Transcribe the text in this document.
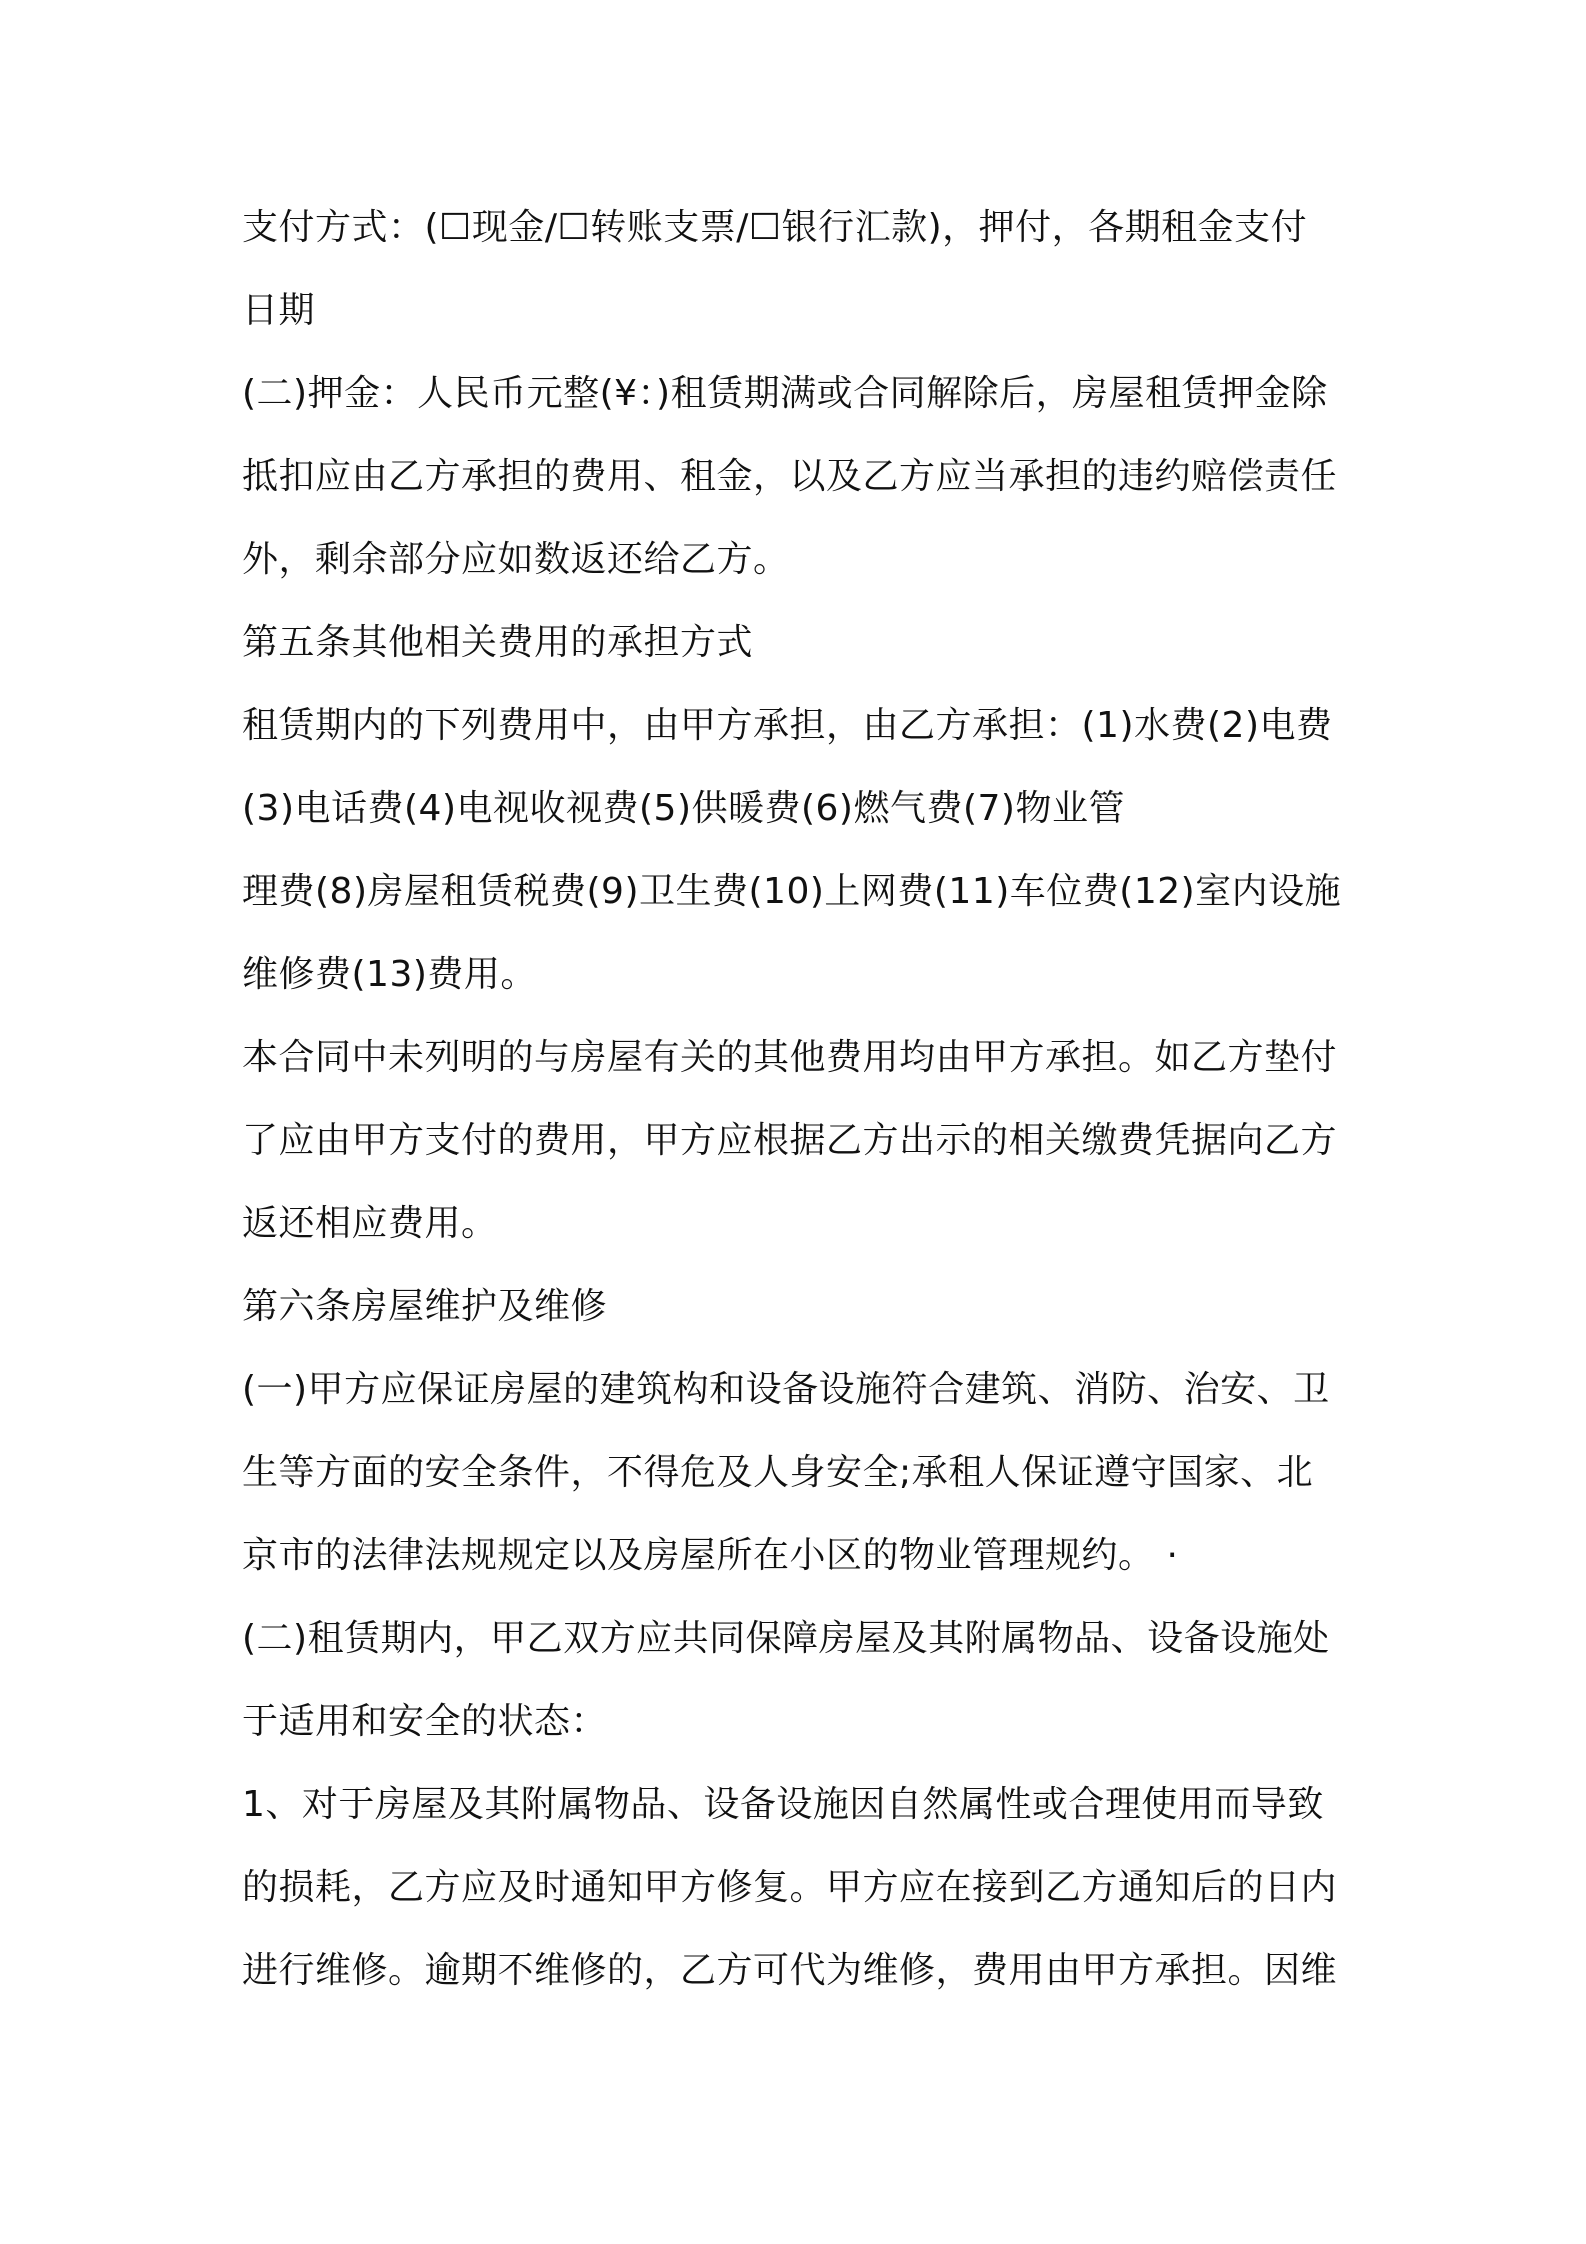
支付方式：(☐现金/☐转账支票/☐银行汇款)，押付，各期租金支付

日期

(二)押金：人民币元整(¥：)租赁期满或合同解除后，房屋租赁押金除

抵扣应由乙方承担的费用、租金，以及乙方应当承担的违约赔偿责任

外，剩余部分应如数返还给乙方。

第五条其他相关费用的承担方式

租赁期内的下列费用中，由甲方承担，由乙方承担：(1)水费(2)电费

(3)电话费(4)电视收视费(5)供暖费(6)燃气费(7)物业管

理费(8)房屋租赁税费(9)卫生费(10)上网费(11)车位费(12)室内设施

维修费(13)费用。

本合同中未列明的与房屋有关的其他费用均由甲方承担。如乙方垫付

了应由甲方支付的费用，甲方应根据乙方出示的相关缴费凭据向乙方

返还相应费用。

第六条房屋维护及维修

(一)甲方应保证房屋的建筑构和设备设施符合建筑、消防、治安、卫

生等方面的安全条件，不得危及人身安全;承租人保证遵守国家、北

京市的法律法规规定以及房屋所在小区的物业管理规约。 ·

(二)租赁期内，甲乙双方应共同保障房屋及其附属物品、设备设施处

于适用和安全的状态：

1、对于房屋及其附属物品、设备设施因自然属性或合理使用而导致

的损耗，乙方应及时通知甲方修复。甲方应在接到乙方通知后的日内

进行维修。逾期不维修的，乙方可代为维修，费用由甲方承担。因维
